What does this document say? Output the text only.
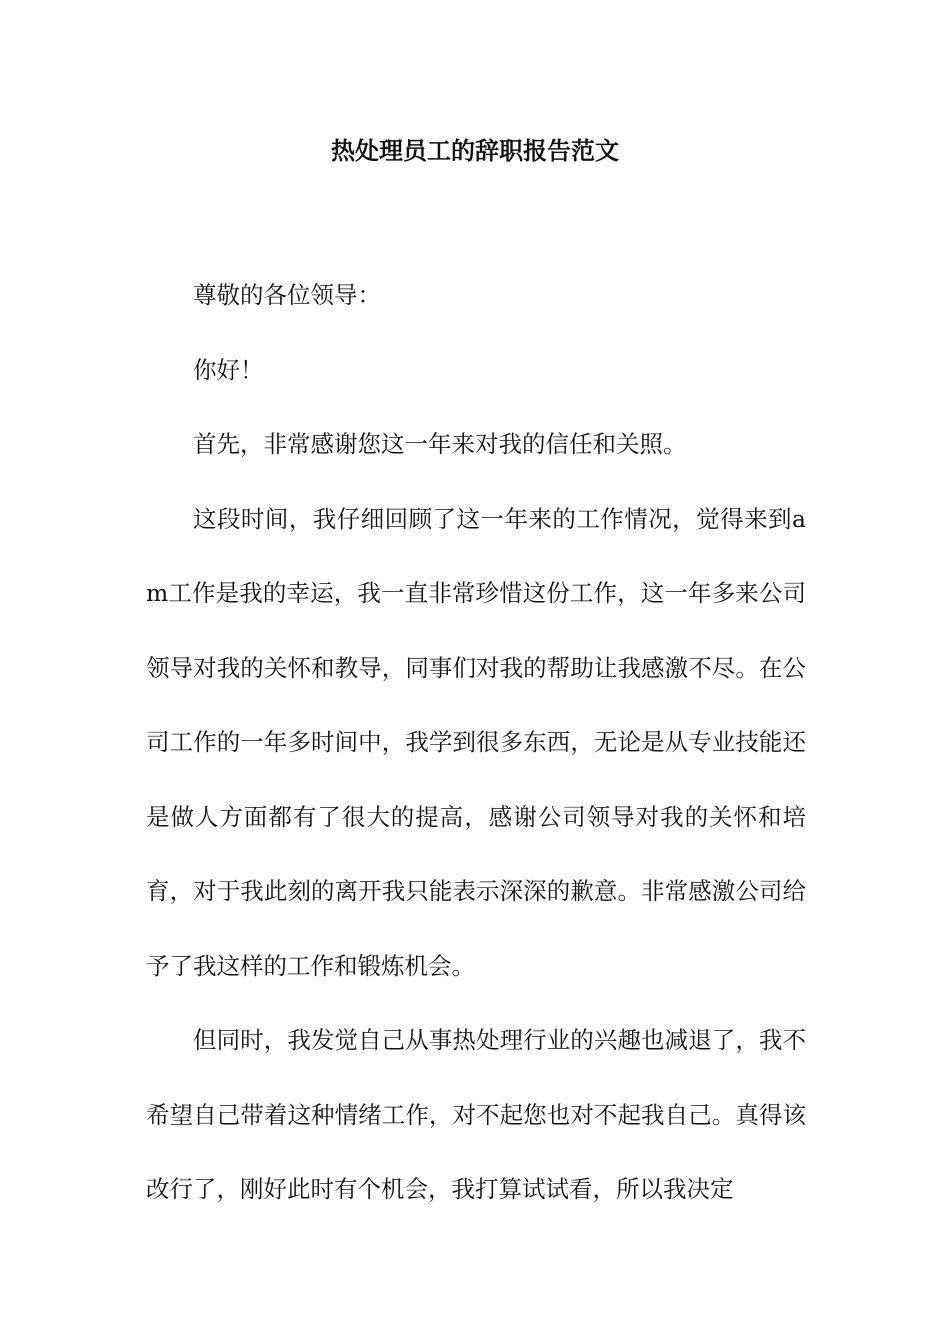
热处理员工的辞职报告范文

尊敬的各位领导：

你好！

首先，非常感谢您这一年来对我的信任和关照。

这段时间，我仔细回顾了这一年来的工作情况，觉得来到am工作是我的幸运，我一直非常珍惜这份工作，这一年多来公司领导对我的关怀和教导，同事们对我的帮助让我感激不尽。在公司工作的一年多时间中，我学到很多东西，无论是从专业技能还是做人方面都有了很大的提高，感谢公司领导对我的关怀和培育，对于我此刻的离开我只能表示深深的歉意。非常感激公司给予了我这样的工作和锻炼机会。

但同时，我发觉自己从事热处理行业的兴趣也减退了，我不希望自己带着这种情绪工作，对不起您也对不起我自己。真得该改行了，刚好此时有个机会，我打算试试看，所以我决定
